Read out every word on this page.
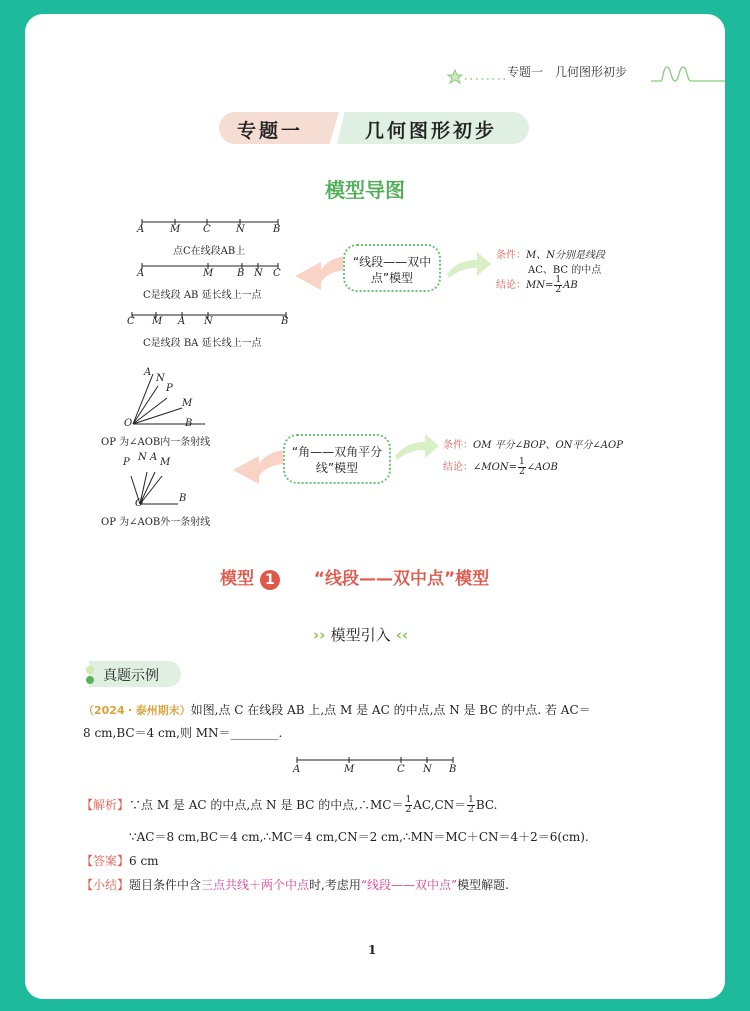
专题一 几何图形初步
专题一	几何图形初步
模型导图
A	M C	N	B
点C在线段AB上
A	M B N C
C是线段 AB 延长线上一点
C M A N	B
C是线段 BA 延长线上一点
“线段——双中点”模型
条件：M、N分别是线段
AC、BC 的中点
结论：$MN= \frac{1}{2}$ AB
A
N
P
M
O	B
OP 为∠AOB内一条射线
P N A M
O	B
OP 为∠AOB外一条射线
“角——双角平分线”模型
条件：OM 平分∠BOP、ON平分∠AOP
结论：∠MON= $\frac{1}{2}$ ∠AOB
模型 1 “线段——双中点”模型
›› 模型引入 ‹‹
真题示例
（2024・泰州期末）如图,点 C 在线段 AB 上,点 M 是 AC 的中点,点 N 是 BC 的中点. 若 AC＝
8 cm,BC＝4 cm,则 MN＝________.
A	M	C N B
【解析】∵点 M 是 AC 的中点,点 N 是 BC 的中点,∴MC＝ $\frac{1}{2} AC,CN= \frac{1}{2}$ BC.
∵AC＝8 cm,BC＝4 cm,∴MC＝4 cm,CN＝2 cm,∴MN＝MC＋CN＝4＋2＝6(cm).
【答案】6 cm
【小结】题目条件中含三点共线＋两个中点时,考虑用“线段——双中点”模型解题.
1
